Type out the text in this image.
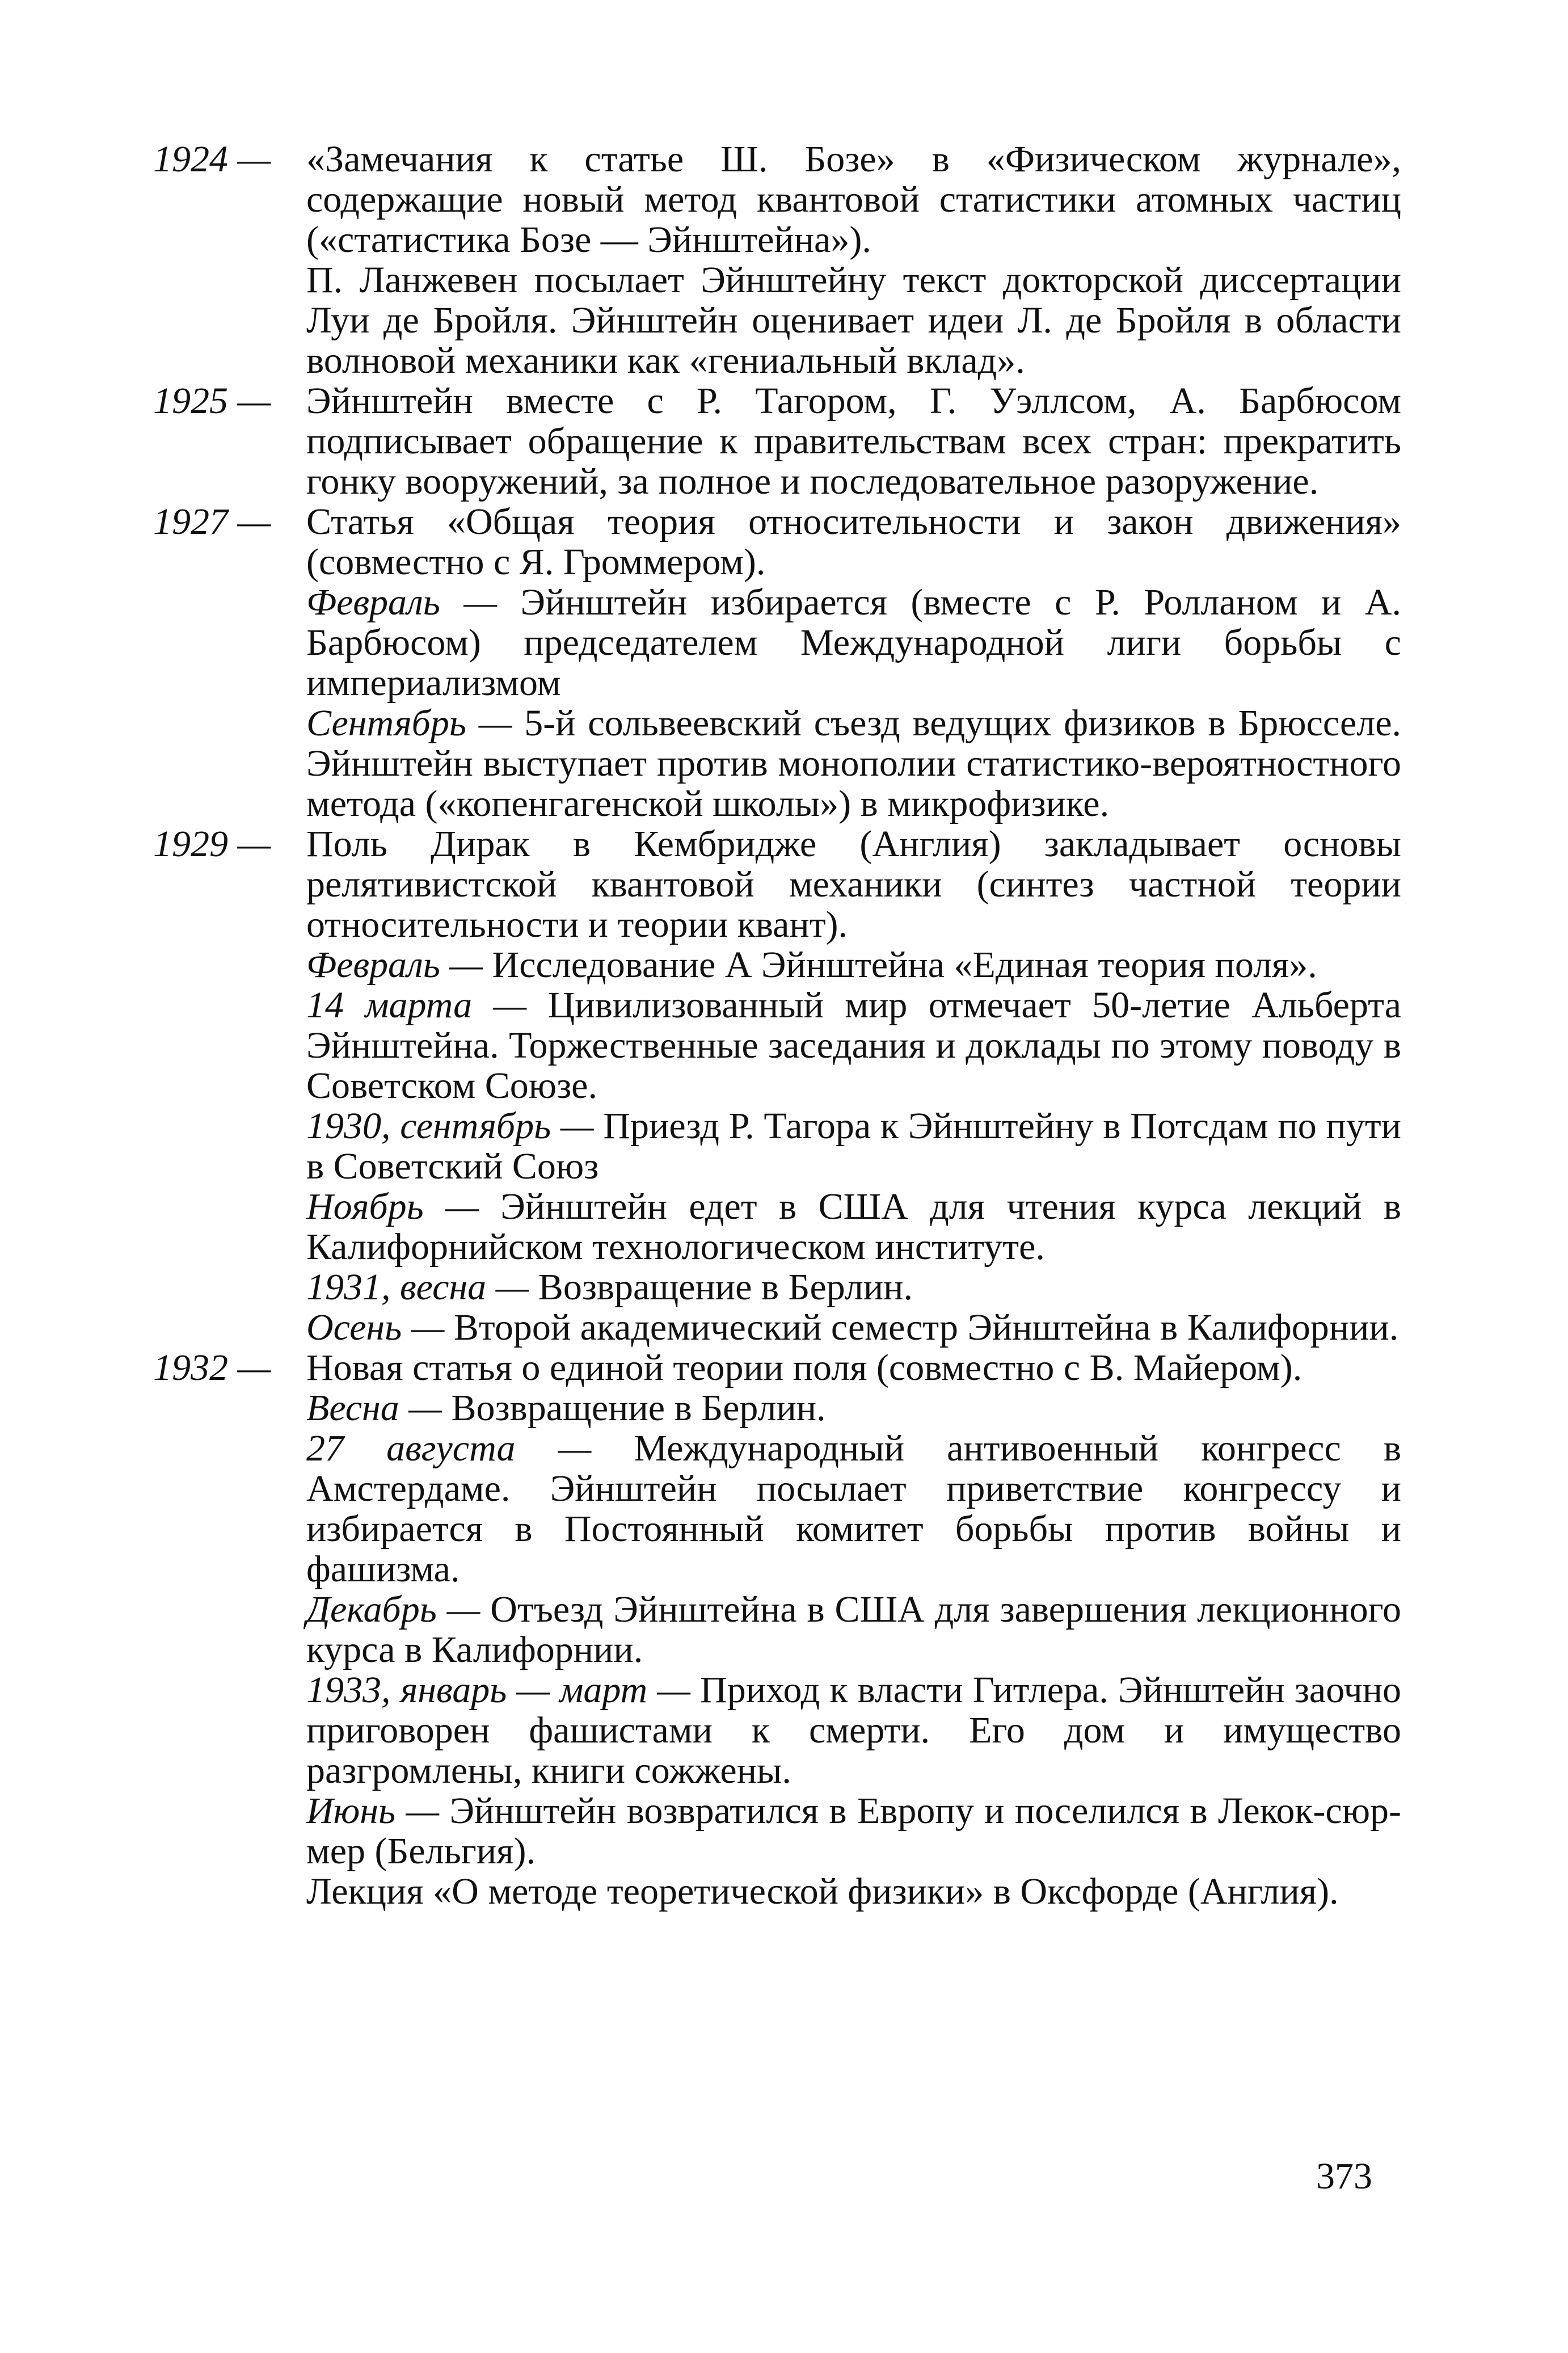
1924 — «Замечания к статье Ш. Бозе» в «Физическом журнале», содержащие новый метод квантовой статистики атомных частиц («статистика Бозе — Эйнштейна»).

П. Ланжевен посылает Эйнштейну текст докторской диссертации Луи де Бройля. Эйнштейн оценивает идеи Л. де Бройля в области волновой механики как «гениальный вклад».

1925 — Эйнштейн вместе с Р. Тагором, Г. Уэллсом, А. Барбюсом подписывает обращение к правительствам всех стран: прекратить гонку вооружений, за полное и последовательное разоружение.

1927 — Статья «Общая теория относительности и закон движения» (совместно с Я. Громмером).

Февраль — Эйнштейн избирается (вместе с Р. Ролланом и А. Барбюсом) председателем Международной лиги борьбы с империализмом

Сентябрь — 5-й сольвеевский съезд ведущих физиков в Брюсселе. Эйнштейн выступает против монополии статистико-вероятностного метода («копенгагенской школы») в микрофизике.

1929 — Поль Дирак в Кембридже (Англия) закладывает основы релятивистской квантовой механики (синтез частной теории относительности и теории квант).

Февраль — Исследование А Эйнштейна «Единая теория поля».

14 марта — Цивилизованный мир отмечает 50-летие Альберта Эйнштейна. Торжественные заседания и доклады по этому поводу в Советском Союзе.

1930, сентябрь — Приезд Р. Тагора к Эйнштейну в Потсдам по пути в Советский Союз

Ноябрь — Эйнштейн едет в США для чтения курса лекций в Калифорнийском технологическом институте.

1931, весна — Возвращение в Берлин.

Осень — Второй академический семестр Эйнштейна в Калифорнии.

1932 — Новая статья о единой теории поля (совместно с В. Майером).

Весна — Возвращение в Берлин.

27 августа — Международный антивоенный конгресс в Амстердаме. Эйнштейн посылает приветствие конгрессу и избирается в Постоянный комитет борьбы против войны и фашизма.

Декабрь — Отъезд Эйнштейна в США для завершения лекционного курса в Калифорнии.

1933, январь — март — Приход к власти Гитлера. Эйнштейн заочно приговорен фашистами к смерти. Его дом и имущество разгромлены, книги сожжены.

Июнь — Эйнштейн возвратился в Европу и поселился в Лекок-сюр-мер (Бельгия).

Лекция «О методе теоретической физики» в Оксфорде (Англия).

373
